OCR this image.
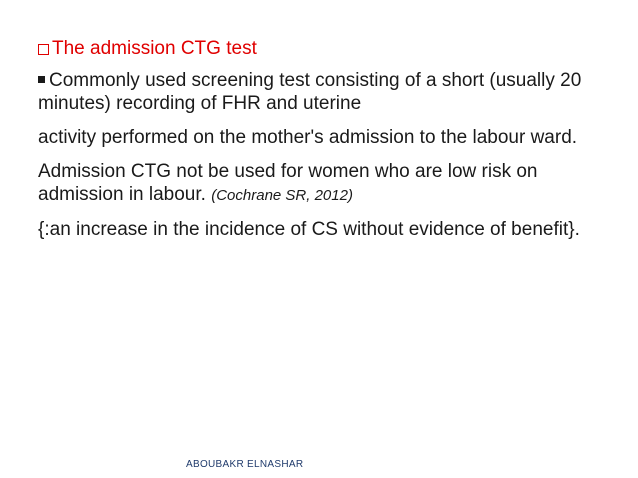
The admission CTG test

Commonly used screening test consisting of a short (usually 20 minutes) recording of FHR and uterine

activity performed on the mother's admission to the labour ward.

Admission CTG not be used for women who are low risk on admission in labour. (Cochrane SR, 2012)

{:an increase in the incidence of CS without evidence of benefit}.

ABOUBAKR ELNASHAR
